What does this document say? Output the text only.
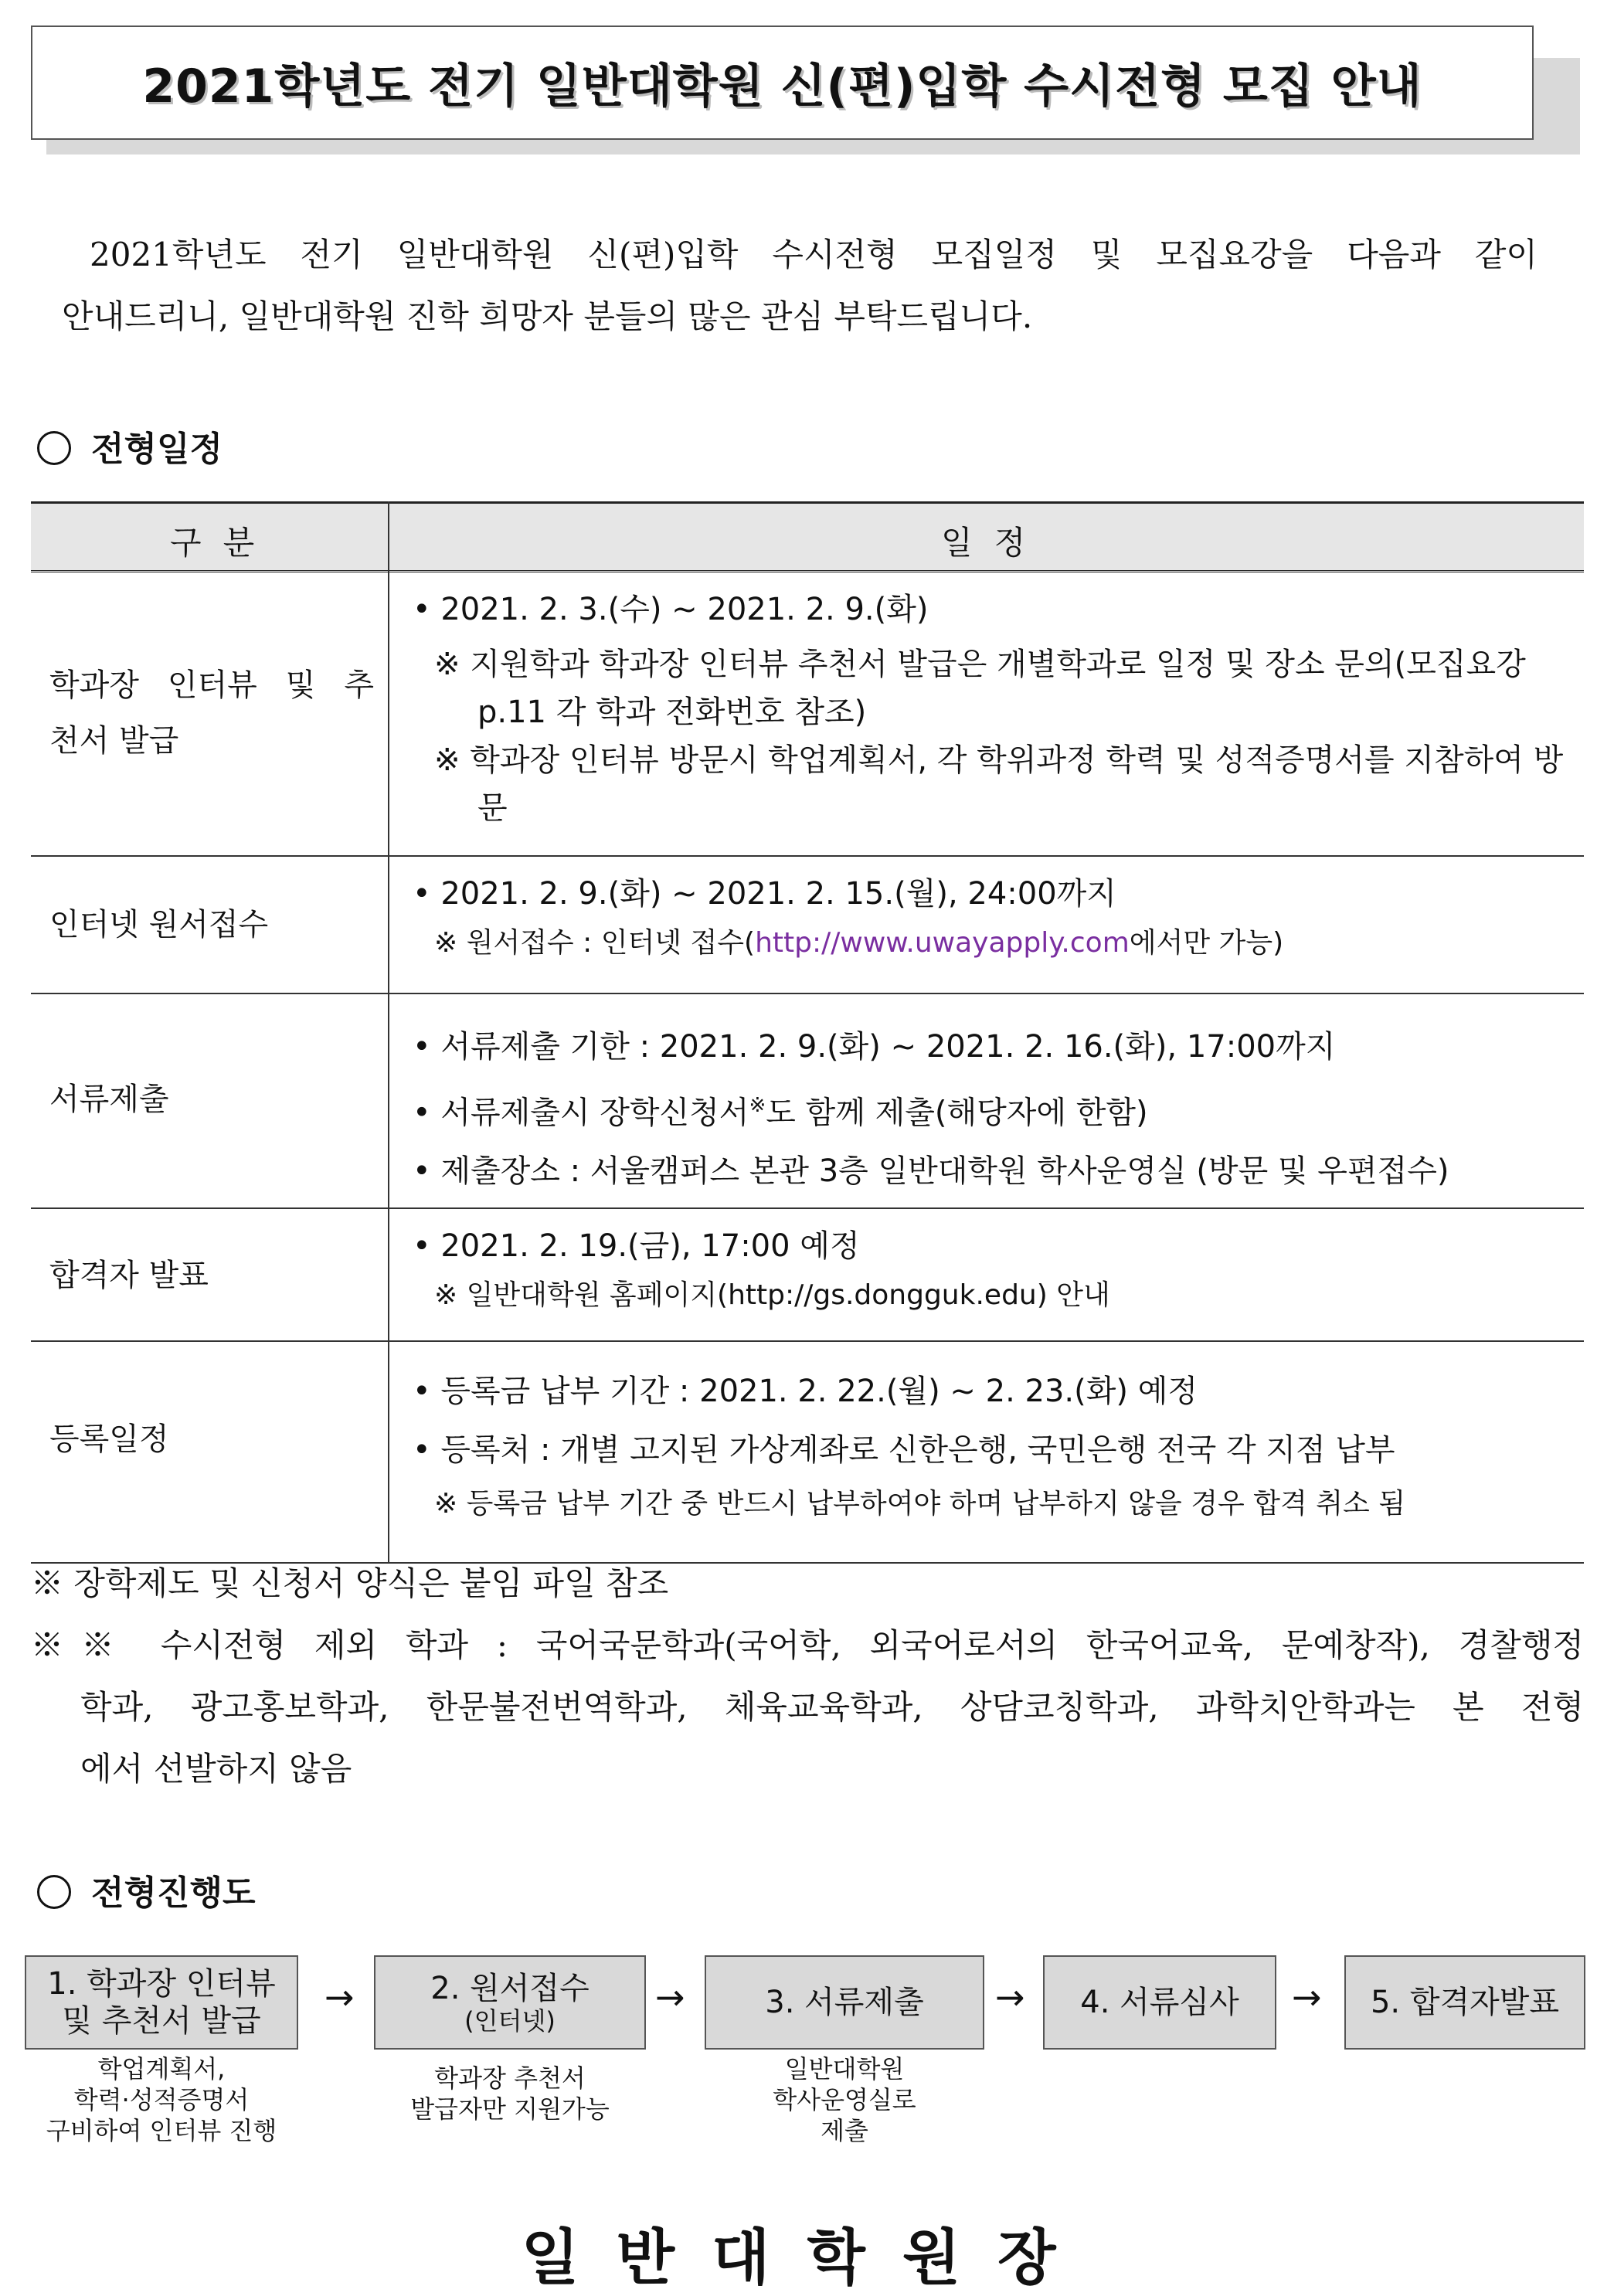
2021학년도 전기 일반대학원 신(편)입학 수시전형 모집 안내
2021학년도 전기 일반대학원 신(편)입학 수시전형 모집일정 및 모집요강을 다음과 같이
안내드리니, 일반대학원 진학 희망자 분들의 많은 관심 부탁드립니다.
전형일정
구분	일정
학과장 인터뷰 및 추
천서 발급
• 2021. 2. 3.(수) ~ 2021. 2. 9.(화)
※ 지원학과 학과장 인터뷰 추천서 발급은 개별학과로 일정 및 장소 문의(모집요강 p.11 각 학과 전화번호 참조)
※ 학과장 인터뷰 방문시 학업계획서, 각 학위과정 학력 및 성적증명서를 지참하여 방문
인터넷 원서접수
• 2021. 2. 9.(화) ~ 2021. 2. 15.(월), 24:00까지
※ 원서접수 : 인터넷 접수(http://www.uwayapply.com에서만 가능)
서류제출
• 서류제출 기한 : 2021. 2. 9.(화) ~ 2021. 2. 16.(화), 17:00까지
• 서류제출시 장학신청서※도 함께 제출(해당자에 한함)
• 제출장소 : 서울캠퍼스 본관 3층 일반대학원 학사운영실 (방문 및 우편접수)
합격자 발표
• 2021. 2. 19.(금), 17:00 예정
※ 일반대학원 홈페이지(http://gs.dongguk.edu) 안내
등록일정
• 등록금 납부 기간 : 2021. 2. 22.(월) ~ 2. 23.(화) 예정
• 등록처 : 개별 고지된 가상계좌로 신한은행, 국민은행 전국 각 지점 납부
※ 등록금 납부 기간 중 반드시 납부하여야 하며 납부하지 않을 경우 합격 취소 됨
※ 장학제도 및 신청서 양식은 붙임 파일 참조
※※ 수시전형 제외 학과 : 국어국문학과(국어학, 외국어로서의 한국어교육, 문예창작), 경찰행정
학과, 광고홍보학과, 한문불전번역학과, 체육교육학과, 상담코칭학과, 과학치안학과는 본 전형
에서 선발하지 않음
전형진행도
1. 학과장 인터뷰
및 추천서 발급
→ 2. 원서접수
(인터넷)
→	3. 서류제출 → 4. 서류심사 → 5. 합격자발표
학업계획서,
학력·성적증명서
구비하여 인터뷰 진행
학과장 추천서
발급자만 지원가능
일반대학원
학사운영실로
제출
일반대학원장
